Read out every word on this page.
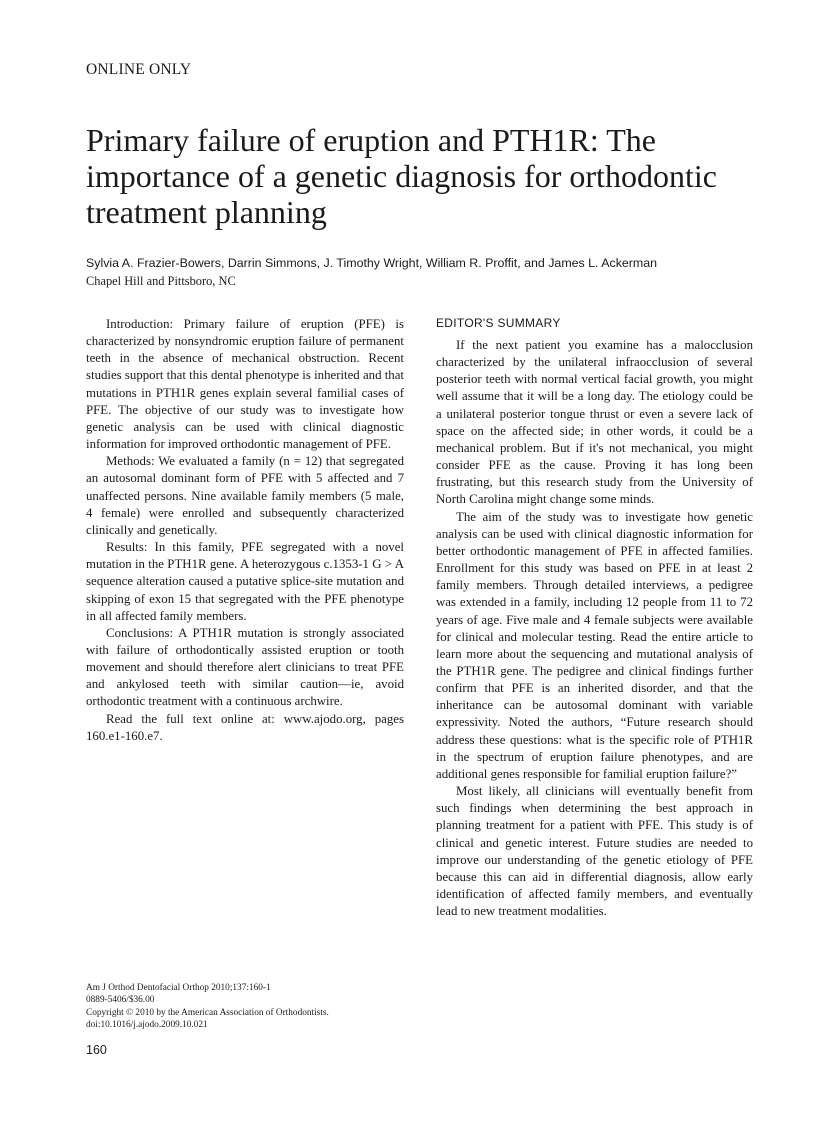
ONLINE ONLY
Primary failure of eruption and PTH1R: The importance of a genetic diagnosis for orthodontic treatment planning
Sylvia A. Frazier-Bowers, Darrin Simmons, J. Timothy Wright, William R. Proffit, and James L. Ackerman
Chapel Hill and Pittsboro, NC

Introduction: Primary failure of eruption (PFE) is characterized by nonsyndromic eruption failure of permanent teeth in the absence of mechanical obstruction. Recent studies support that this dental phenotype is inherited and that mutations in PTH1R genes explain several familial cases of PFE. The objective of our study was to investigate how genetic analysis can be used with clinical diagnostic information for improved orthodontic management of PFE.

Methods: We evaluated a family (n = 12) that segregated an autosomal dominant form of PFE with 5 affected and 7 unaffected persons. Nine available family members (5 male, 4 female) were enrolled and subsequently characterized clinically and genetically.

Results: In this family, PFE segregated with a novel mutation in the PTH1R gene. A heterozygous c.1353-1 G > A sequence alteration caused a putative splice-site mutation and skipping of exon 15 that segregated with the PFE phenotype in all affected family members.

Conclusions: A PTH1R mutation is strongly associated with failure of orthodontically assisted eruption or tooth movement and should therefore alert clinicians to treat PFE and ankylosed teeth with similar caution—ie, avoid orthodontic treatment with a continuous archwire.

Read the full text online at: www.ajodo.org, pages 160.e1-160.e7.

EDITOR'S SUMMARY

If the next patient you examine has a malocclusion characterized by the unilateral infraocclusion of several posterior teeth with normal vertical facial growth, you might well assume that it will be a long day. The etiology could be a unilateral posterior tongue thrust or even a severe lack of space on the affected side; in other words, it could be a mechanical problem. But if it's not mechanical, you might consider PFE as the cause. Proving it has long been frustrating, but this research study from the University of North Carolina might change some minds.

The aim of the study was to investigate how genetic analysis can be used with clinical diagnostic information for better orthodontic management of PFE in affected families. Enrollment for this study was based on PFE in at least 2 family members. Through detailed interviews, a pedigree was extended in a family, including 12 people from 11 to 72 years of age. Five male and 4 female subjects were available for clinical and molecular testing. Read the entire article to learn more about the sequencing and mutational analysis of the PTH1R gene. The pedigree and clinical findings further confirm that PFE is an inherited disorder, and that the inheritance can be autosomal dominant with variable expressivity. Noted the authors, “Future research should address these questions: what is the specific role of PTH1R in the spectrum of eruption failure phenotypes, and are additional genes responsible for familial eruption failure?”

Most likely, all clinicians will eventually benefit from such findings when determining the best approach in planning treatment for a patient with PFE. This study is of clinical and genetic interest. Future studies are needed to improve our understanding of the genetic etiology of PFE because this can aid in differential diagnosis, allow early identification of affected family members, and eventually lead to new treatment modalities.

Am J Orthod Dentofacial Orthop 2010;137:160-1
0889-5406/$36.00
Copyright © 2010 by the American Association of Orthodontists.
doi:10.1016/j.ajodo.2009.10.021
160
